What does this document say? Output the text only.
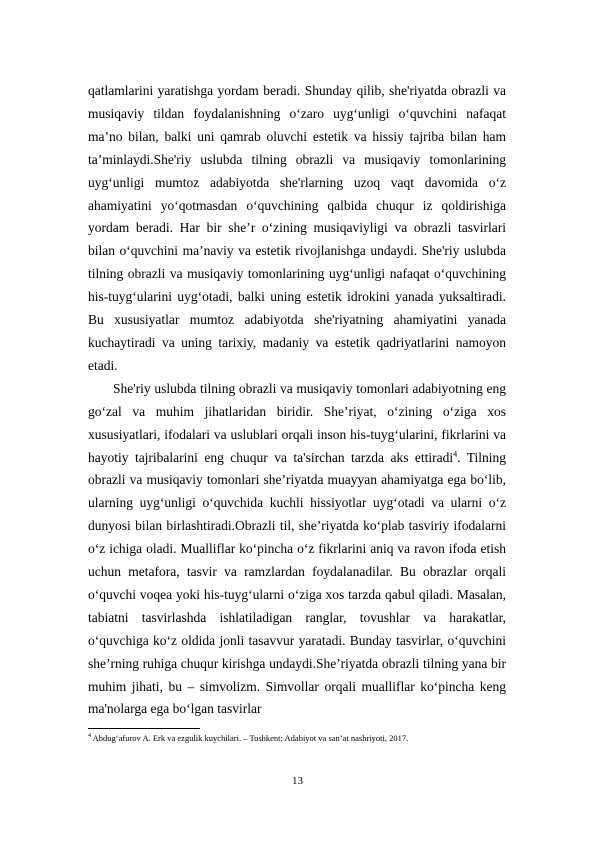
qatlamlarini yaratishga yordam beradi. Shunday qilib, she'riyatda obrazli va musiqaviy tildan foydalanishning o‘zaro uyg‘unligi o‘quvchini nafaqat ma’no bilan, balki uni qamrab oluvchi estetik va hissiy tajriba bilan ham ta’minlaydi.She'riy uslubda tilning obrazli va musiqaviy tomonlarining uyg‘unligi mumtoz adabiyotda she'rlarning uzoq vaqt davomida o‘z ahamiyatini yo‘qotmasdan o‘quvchining qalbida chuqur iz qoldirishiga yordam beradi. Har bir she’r o‘zining musiqaviyligi va obrazli tasvirlari bilan o‘quvchini ma’naviy va estetik rivojlanishga undaydi. She'riy uslubda tilning obrazli va musiqaviy tomonlarining uyg‘unligi nafaqat o‘quvchining his-tuyg‘ularini uyg‘otadi, balki uning estetik idrokini yanada yuksaltiradi. Bu xususiyatlar mumtoz adabiyotda she'riyatning ahamiyatini yanada kuchaytiradi va uning tarixiy, madaniy va estetik qadriyatlarini namoyon etadi.

She'riy uslubda tilning obrazli va musiqaviy tomonlari adabiyotning eng go‘zal va muhim jihatlaridan biridir. She’riyat, o‘zining o‘ziga xos xususiyatlari, ifodalari va uslublari orqali inson his-tuyg‘ularini, fikrlarini va hayotiy tajribalarini eng chuqur va ta'sirchan tarzda aks ettiradi$^4$. Tilning obrazli va musiqaviy tomonlari she’riyatda muayyan ahamiyatga ega bo‘lib, ularning uyg‘unligi o‘quvchida kuchli hissiyotlar uyg‘otadi va ularni o‘z dunyosi bilan birlashtiradi.Obrazli til, she’riyatda ko‘plab tasviriy ifodalarni o‘z ichiga oladi. Mualliflar ko‘pincha o‘z fikrlarini aniq va ravon ifoda etish uchun metafora, tasvir va ramzlardan foydalanadilar. Bu obrazlar orqali o‘quvchi voqea yoki his-tuyg‘ularni o‘ziga xos tarzda qabul qiladi. Masalan, tabiatni tasvirlashda ishlatiladigan ranglar, tovushlar va harakatlar, o‘quvchiga ko‘z oldida jonli tasavvur yaratadi. Bunday tasvirlar, o‘quvchini she’rning ruhiga chuqur kirishga undaydi.She’riyatda obrazli tilning yana bir muhim jihati, bu – simvolizm. Simvollar orqali mualliflar ko‘pincha keng ma'nolarga ega bo‘lgan tasvirlar

$^4$ Abdug‘afurov A. Erk va ezgulik kuychilari. – Toshkent: Adabiyot va san’at nashriyoti, 2017.
13
